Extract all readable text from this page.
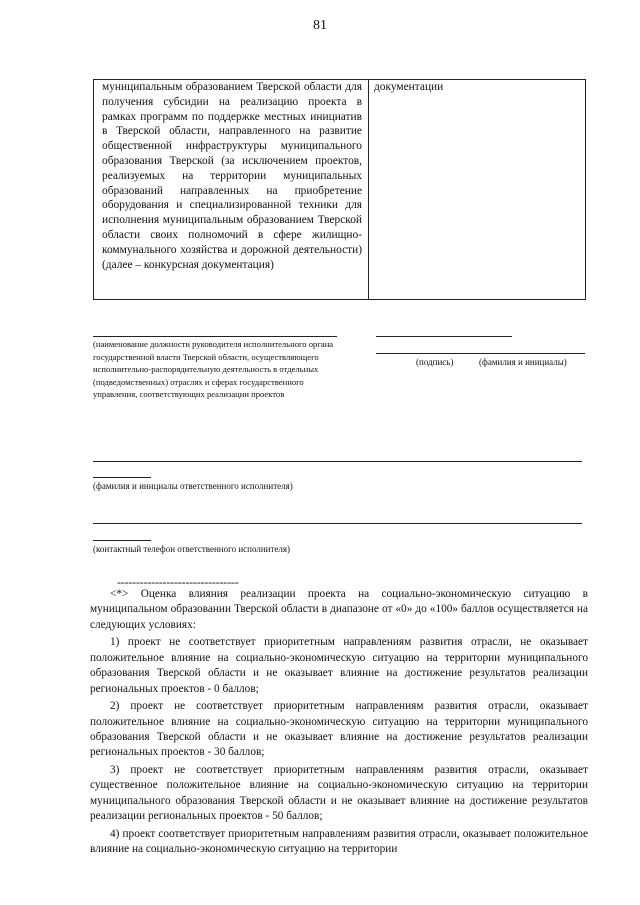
81
муниципальным образованием Тверской области для получения субсидии на реализацию проекта в рамках программ по поддержке местных инициатив в Тверской области, направленного на развитие общественной инфраструктуры муниципального образования Тверской (за исключением проектов, реализуемых на территории муниципальных образований направленных на приобретение оборудования и специализированной техники для исполнения муниципальным образованием Тверской области своих полномочий в сфере жилищно-коммунального хозяйства и дорожной деятельности) (далее – конкурсная документация)
документации
(наименование должности руководителя исполнительного органа государственной власти Тверской области, осуществляющего исполнительно-распорядительную деятельность в отдельных (подведомственных) отраслях и сферах государственного управления, соответствующих реализации проектов
(подпись)	(фамилия и инициалы)
(фамилия и инициалы ответственного исполнителя)
(контактный телефон ответственного исполнителя)
--------------------------------

<*> Оценка влияния реализации проекта на социально-экономическую ситуацию в муниципальном образовании Тверской области в диапазоне от «0» до «100» баллов осуществляется на следующих условиях:

1) проект не соответствует приоритетным направлениям развития отрасли, не оказывает положительное влияние на социально-экономическую ситуацию на территории муниципального образования Тверской области и не оказывает влияние на достижение результатов реализации региональных проектов - 0 баллов;

2) проект не соответствует приоритетным направлениям развития отрасли, оказывает положительное влияние на социально-экономическую ситуацию на территории муниципального образования Тверской области и не оказывает влияние на достижение результатов реализации региональных проектов - 30 баллов;

3) проект не соответствует приоритетным направлениям развития отрасли, оказывает существенное положительное влияние на социально-экономическую ситуацию на территории муниципального образования Тверской области и не оказывает влияние на достижение результатов реализации региональных проектов - 50 баллов;

4) проект соответствует приоритетным направлениям развития отрасли, оказывает положительное влияние на социально-экономическую ситуацию на территории
